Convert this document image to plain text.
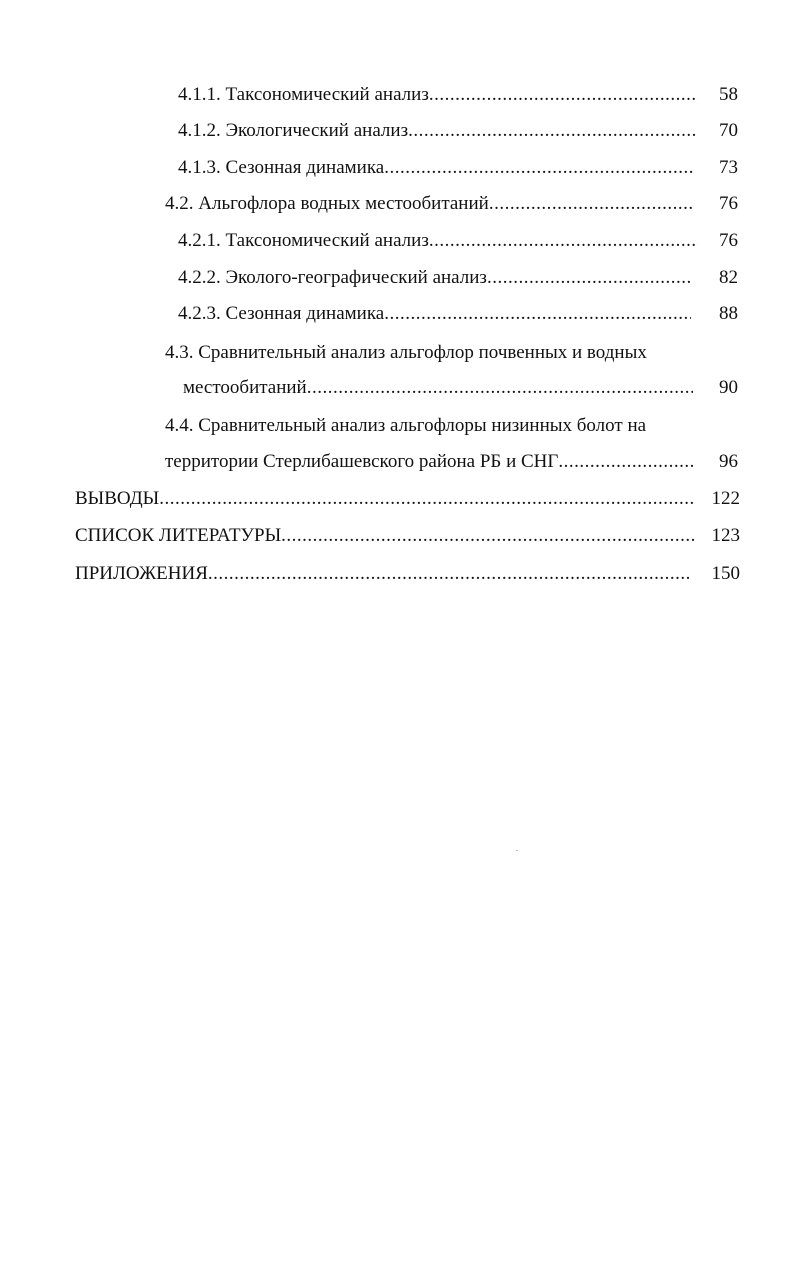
4.1.1. Таксономический анализ .....	58
4.1.2. Экологический анализ .....	70
4.1.3. Сезонная динамика .....	73
4.2. Альгофлора водных местообитаний .....	76
4.2.1. Таксономический анализ .....	76
4.2.2. Эколого-географический анализ .....	82
4.2.3. Сезонная динамика .....	88
4.3. Сравнительный анализ альгофлор почвенных и водных
местообитаний .....	90
4.4. Сравнительный анализ альгофлоры низинных болот на
территории Стерлибашевского района РБ и СНГ .....	96
ВЫВОДЫ .....	122
СПИСОК ЛИТЕРАТУРЫ .....	123
ПРИЛОЖЕНИЯ .....	150
